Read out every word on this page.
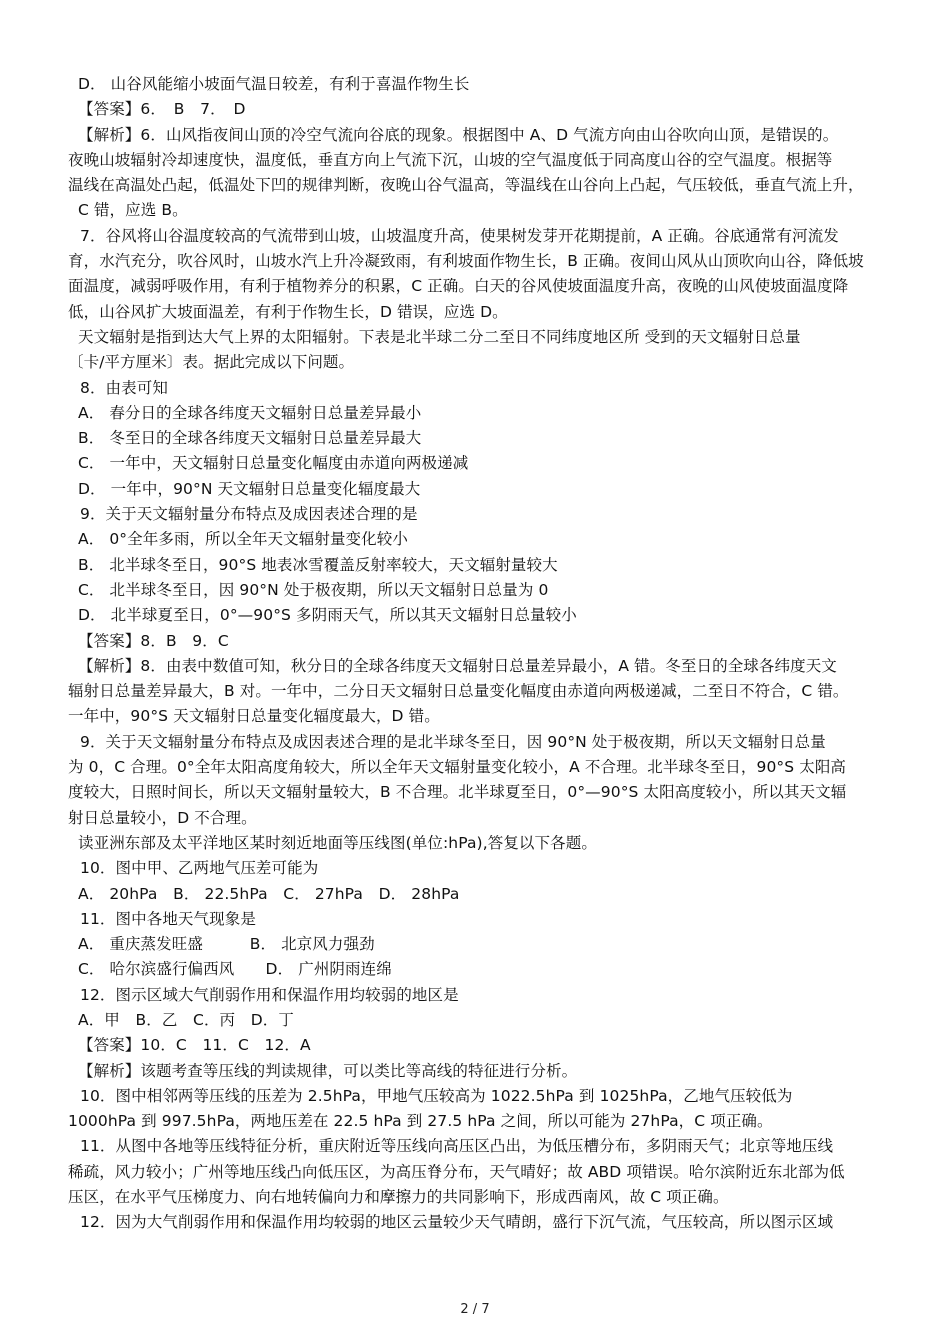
D． 山谷风能缩小坡面气温日较差，有利于喜温作物生长
【答案】6．　B　7．　D
【解析】6．山风指夜间山顶的冷空气流向谷底的现象。根据图中 A、D 气流方向由山谷吹向山顶，是错误的。
夜晚山坡辐射冷却速度快，温度低，垂直方向上气流下沉，山坡的空气温度低于同高度山谷的空气温度。根据等
温线在高温处凸起，低温处下凹的规律判断，夜晚山谷气温高，等温线在山谷向上凸起，气压较低，垂直气流上升，
C 错，应选 B。
7．谷风将山谷温度较高的气流带到山坡，山坡温度升高，使果树发芽开花期提前，A 正确。谷底通常有河流发
育，水汽充分，吹谷风时，山坡水汽上升冷凝致雨，有利坡面作物生长，B 正确。夜间山风从山顶吹向山谷，降低坡
面温度，减弱呼吸作用，有利于植物养分的积累，C 正确。白天的谷风使坡面温度升高，夜晚的山风使坡面温度降
低，山谷风扩大坡面温差，有利于作物生长，D 错误，应选 D。
天文辐射是指到达大气上界的太阳辐射。下表是北半球二分二至日不同纬度地区所 受到的天文辐射日总量
〔卡/平方厘米〕表。据此完成以下问题。
8．由表可知
A． 春分日的全球各纬度天文辐射日总量差异最小
B． 冬至日的全球各纬度天文辐射日总量差异最大
C． 一年中，天文辐射日总量变化幅度由赤道向两极递减
D． 一年中，90°N 天文辐射日总量变化辐度最大
9．关于天文辐射量分布特点及成因表述合理的是
A． 0°全年多雨，所以全年天文辐射量变化较小
B． 北半球冬至日，90°S 地表冰雪覆盖反射率较大，天文辐射量较大
C． 北半球冬至日，因 90°N 处于极夜期，所以天文辐射日总量为 0
D． 北半球夏至日，0°—90°S 多阴雨天气，所以其天文辐射日总量较小
【答案】8．B　9．C
【解析】8．由表中数值可知，秋分日的全球各纬度天文辐射日总量差异最小，A 错。冬至日的全球各纬度天文
辐射日总量差异最大，B 对。一年中，二分日天文辐射日总量变化幅度由赤道向两极递减，二至日不符合，C 错。
一年中，90°S 天文辐射日总量变化辐度最大，D 错。
9．关于天文辐射量分布特点及成因表述合理的是北半球冬至日，因 90°N 处于极夜期，所以天文辐射日总量
为 0，C 合理。0°全年太阳高度角较大，所以全年天文辐射量变化较小，A 不合理。北半球冬至日，90°S 太阳高
度较大，日照时间长，所以天文辐射量较大，B 不合理。北半球夏至日，0°—90°S 太阳高度较小，所以其天文辐
射日总量较小，D 不合理。
读亚洲东部及太平洋地区某时刻近地面等压线图(单位:hPa),答复以下各题。
10．图中甲、乙两地气压差可能为
A． 20hPa　B． 22.5hPa　C． 27hPa　D． 28hPa
11．图中各地天气现象是
A． 重庆蒸发旺盛　　　B． 北京风力强劲
C． 哈尔滨盛行偏西风　　D． 广州阴雨连绵
12．图示区域大气削弱作用和保温作用均较弱的地区是
A．甲　B．乙　C．丙　D．丁
【答案】10．C　11．C　12．A
【解析】该题考查等压线的判读规律，可以类比等高线的特征进行分析。
10．图中相邻两等压线的压差为 2.5hPa，甲地气压较高为 1022.5hPa 到 1025hPa，乙地气压较低为
1000hPa 到 997.5hPa，两地压差在 22.5 hPa 到 27.5 hPa 之间，所以可能为 27hPa，C 项正确。
11．从图中各地等压线特征分析，重庆附近等压线向高压区凸出，为低压槽分布，多阴雨天气；北京等地压线
稀疏，风力较小；广州等地压线凸向低压区，为高压脊分布，天气晴好；故 ABD 项错误。哈尔滨附近东北部为低
压区，在水平气压梯度力、向右地转偏向力和摩擦力的共同影响下，形成西南风，故 C 项正确。
12．因为大气削弱作用和保温作用均较弱的地区云量较少天气晴朗，盛行下沉气流，气压较高，所以图示区域
2 / 7
